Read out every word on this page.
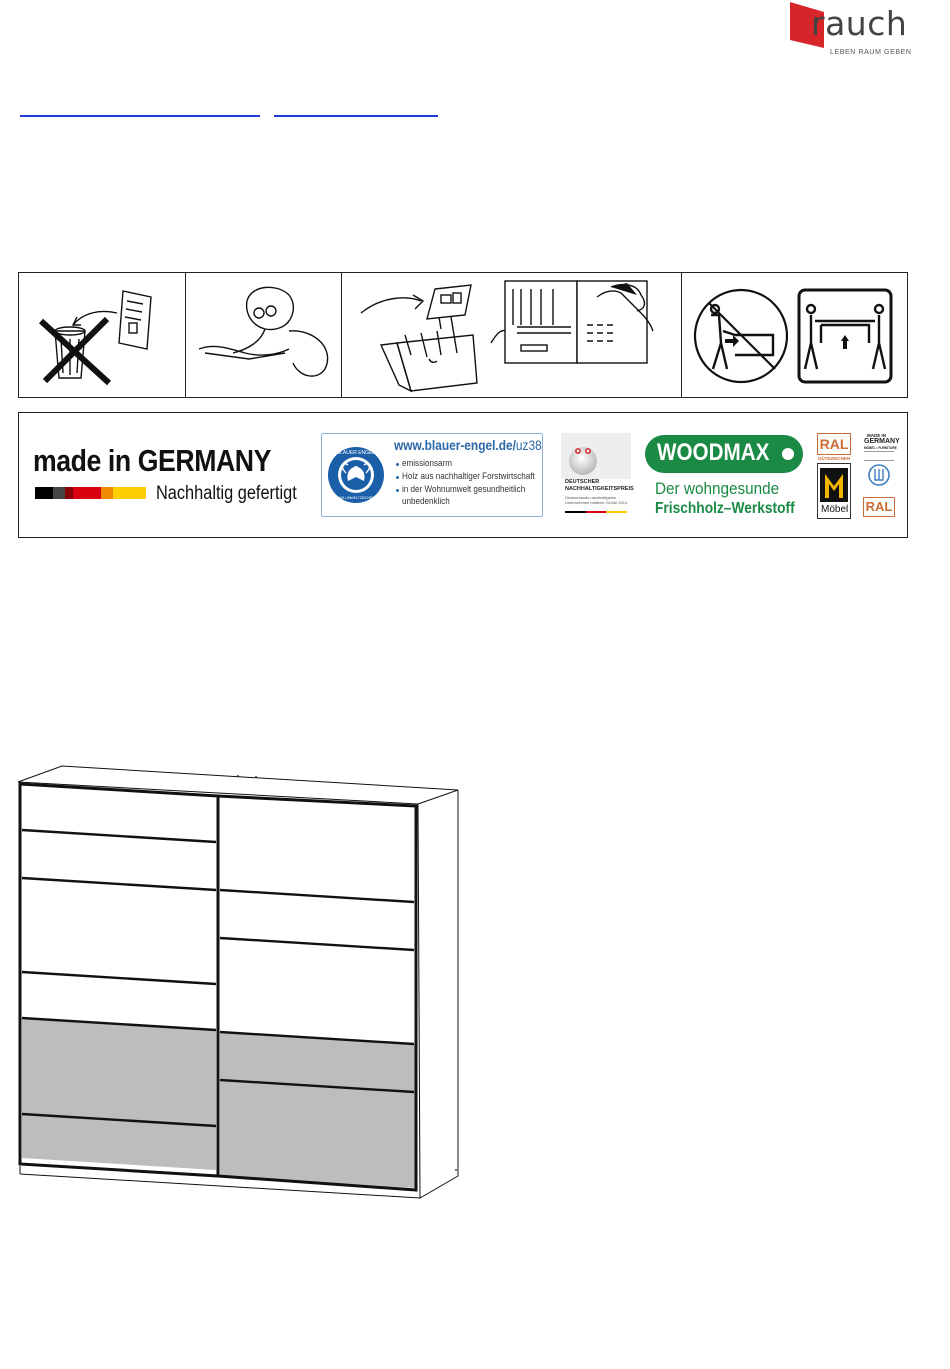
rauch
LEBEN RAUM GEBEN
made in GERMANY
Nachhaltig gefertigt
BLAUER ENGEL
DAS UMWELTZEICHEN
www.blauer-engel.de/uz38
emissionsarm
Holz aus nachhaltiger Forstwirtschaft
in der Wohnumwelt gesundheitlich
unbedenklich
DEUTSCHER
NACHHALTIGKEITSPREIS
Deutschlands nachhaltigstes
Unternehmen mittlerer Größe 2014
WOODMAX
Der wohngesunde
Frischholz–Werkstoff
RAL
GÜTEZEICHEN
Möbel
MADE IN
GERMANY
MÖBEL • FURNITURE
RAL
